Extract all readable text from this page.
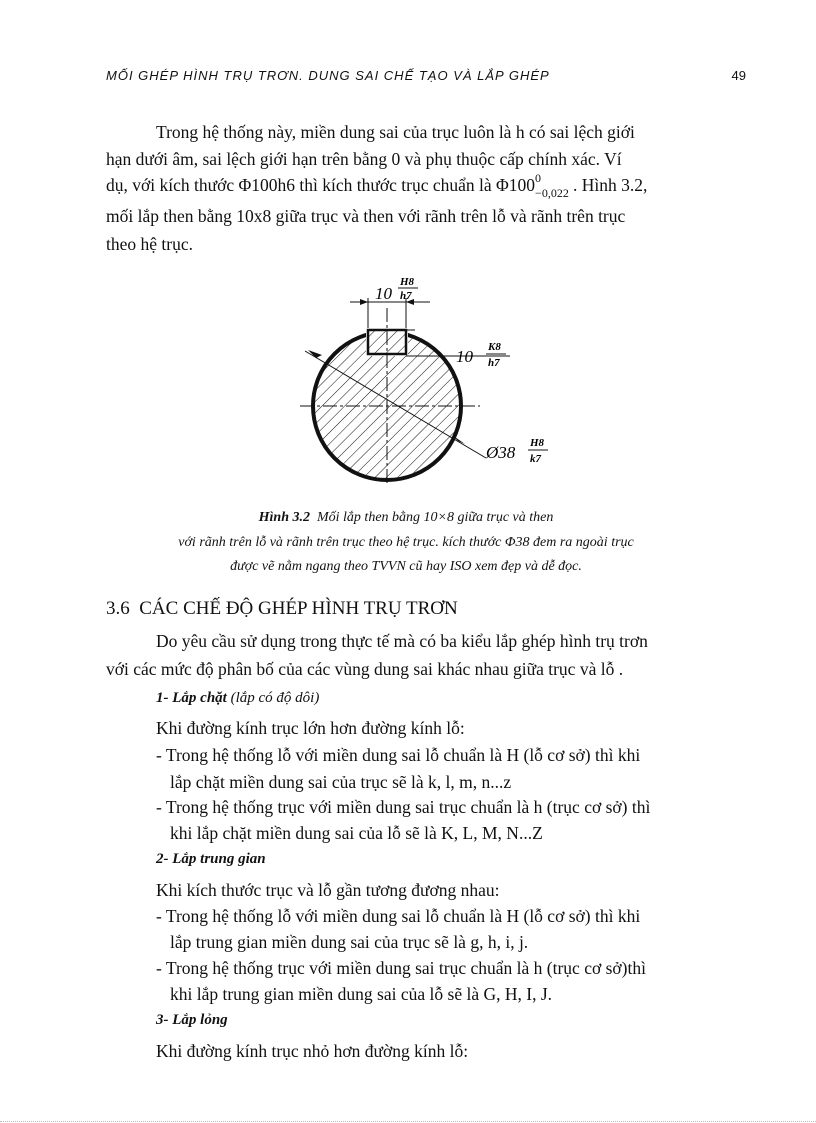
MỐI GHÉP HÌNH TRỤ TRƠN. DUNG SAI CHẾ TẠO VÀ LẮP GHÉP	49
Trong hệ thống này, miền dung sai của trục luôn là h có sai lệch giới
hạn dưới âm, sai lệch giới hạn trên bằng 0 và phụ thuộc cấp chính xác. Ví
dụ, với kích thước Φ100h6 thì kích thước trục chuẩn là Φ100 0
−0,022 . Hình 3.2,
mối lắp then bằng 10x8 giữa trục và then với rãnh trên lỗ và rãnh trên trục
theo hệ trục.
10
H8
h7
10 K8
h7
Ø38 H8
k7
Hình 3.2 Mối lắp then bằng 10×8 giữa trục và then
với rãnh trên lỗ và rãnh trên trục theo hệ trục. kích thước Φ38 đem ra ngoài trục
được vẽ nằm ngang theo TVVN cũ hay ISO xem đẹp và dễ đọc.
3.6 CÁC CHẾ ĐỘ GHÉP HÌNH TRỤ TRƠN
Do yêu cầu sử dụng trong thực tế mà có ba kiểu lắp ghép hình trụ trơn
với các mức độ phân bố của các vùng dung sai khác nhau giữa trục và lỗ .
1- Lắp chặt (lắp có độ dôi)
Khi đường kính trục lớn hơn đường kính lỗ:
- Trong hệ thống lỗ với miền dung sai lỗ chuẩn là H (lỗ cơ sở) thì khi
lắp chặt miền dung sai của trục sẽ là k, l, m, n...z
- Trong hệ thống trục với miền dung sai trục chuẩn là h (trục cơ sở) thì
khi lắp chặt miền dung sai của lỗ sẽ là K, L, M, N...Z
2- Lắp trung gian
Khi kích thước trục và lỗ gần tương đương nhau:
- Trong hệ thống lỗ với miền dung sai lỗ chuẩn là H (lỗ cơ sở) thì khi
lắp trung gian miền dung sai của trục sẽ là g, h, i, j.
- Trong hệ thống trục với miền dung sai trục chuẩn là h (trục cơ sở)thì
khi lắp trung gian miền dung sai của lỗ sẽ là G, H, I, J.
3- Lắp lỏng
Khi đường kính trục nhỏ hơn đường kính lỗ:
